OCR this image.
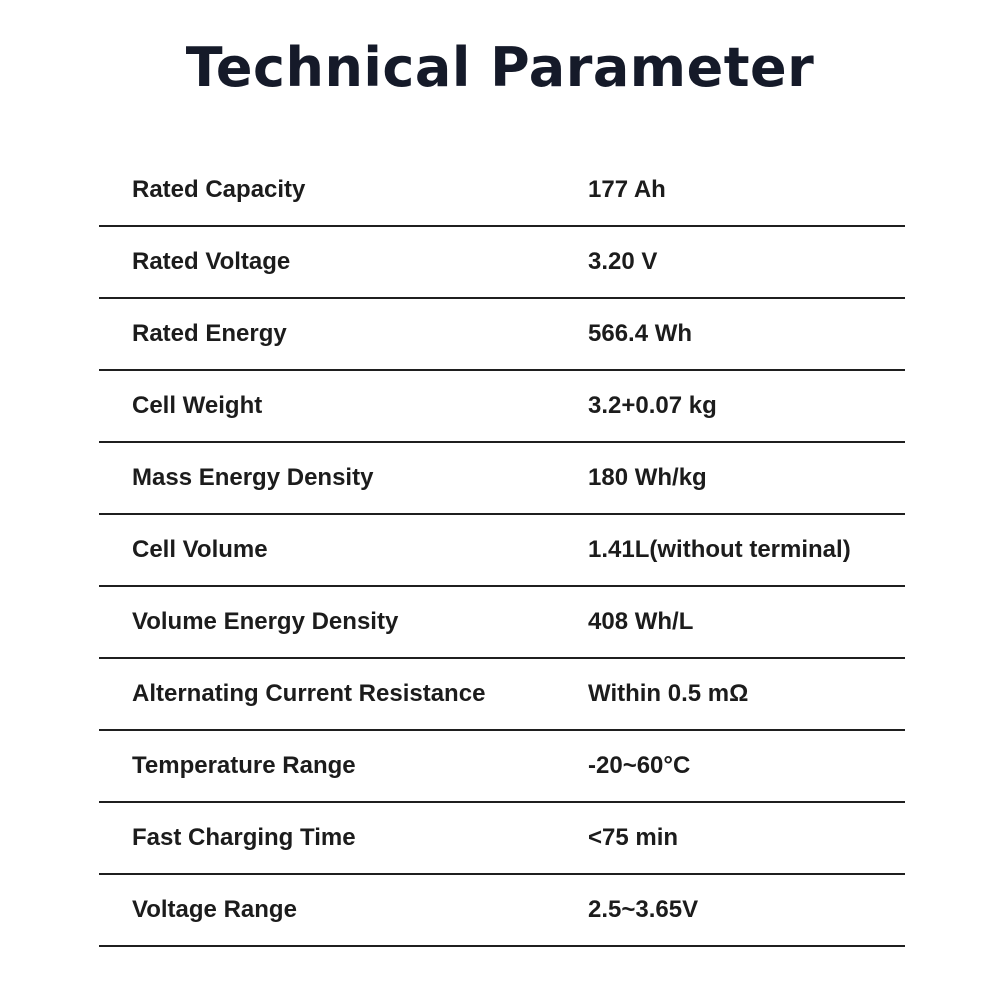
Technical Parameter
Rated Capacity	177 Ah
Rated Voltage	3.20 V
Rated Energy	566.4 Wh
Cell Weight	3.2+0.07 kg
Mass Energy Density	180 Wh/kg
Cell Volume	1.41L(without terminal)
Volume Energy Density	408 Wh/L
Alternating Current Resistance	Within 0.5 mΩ
Temperature Range	-20~60°C
Fast Charging Time	<75 min
Voltage Range	2.5~3.65V
